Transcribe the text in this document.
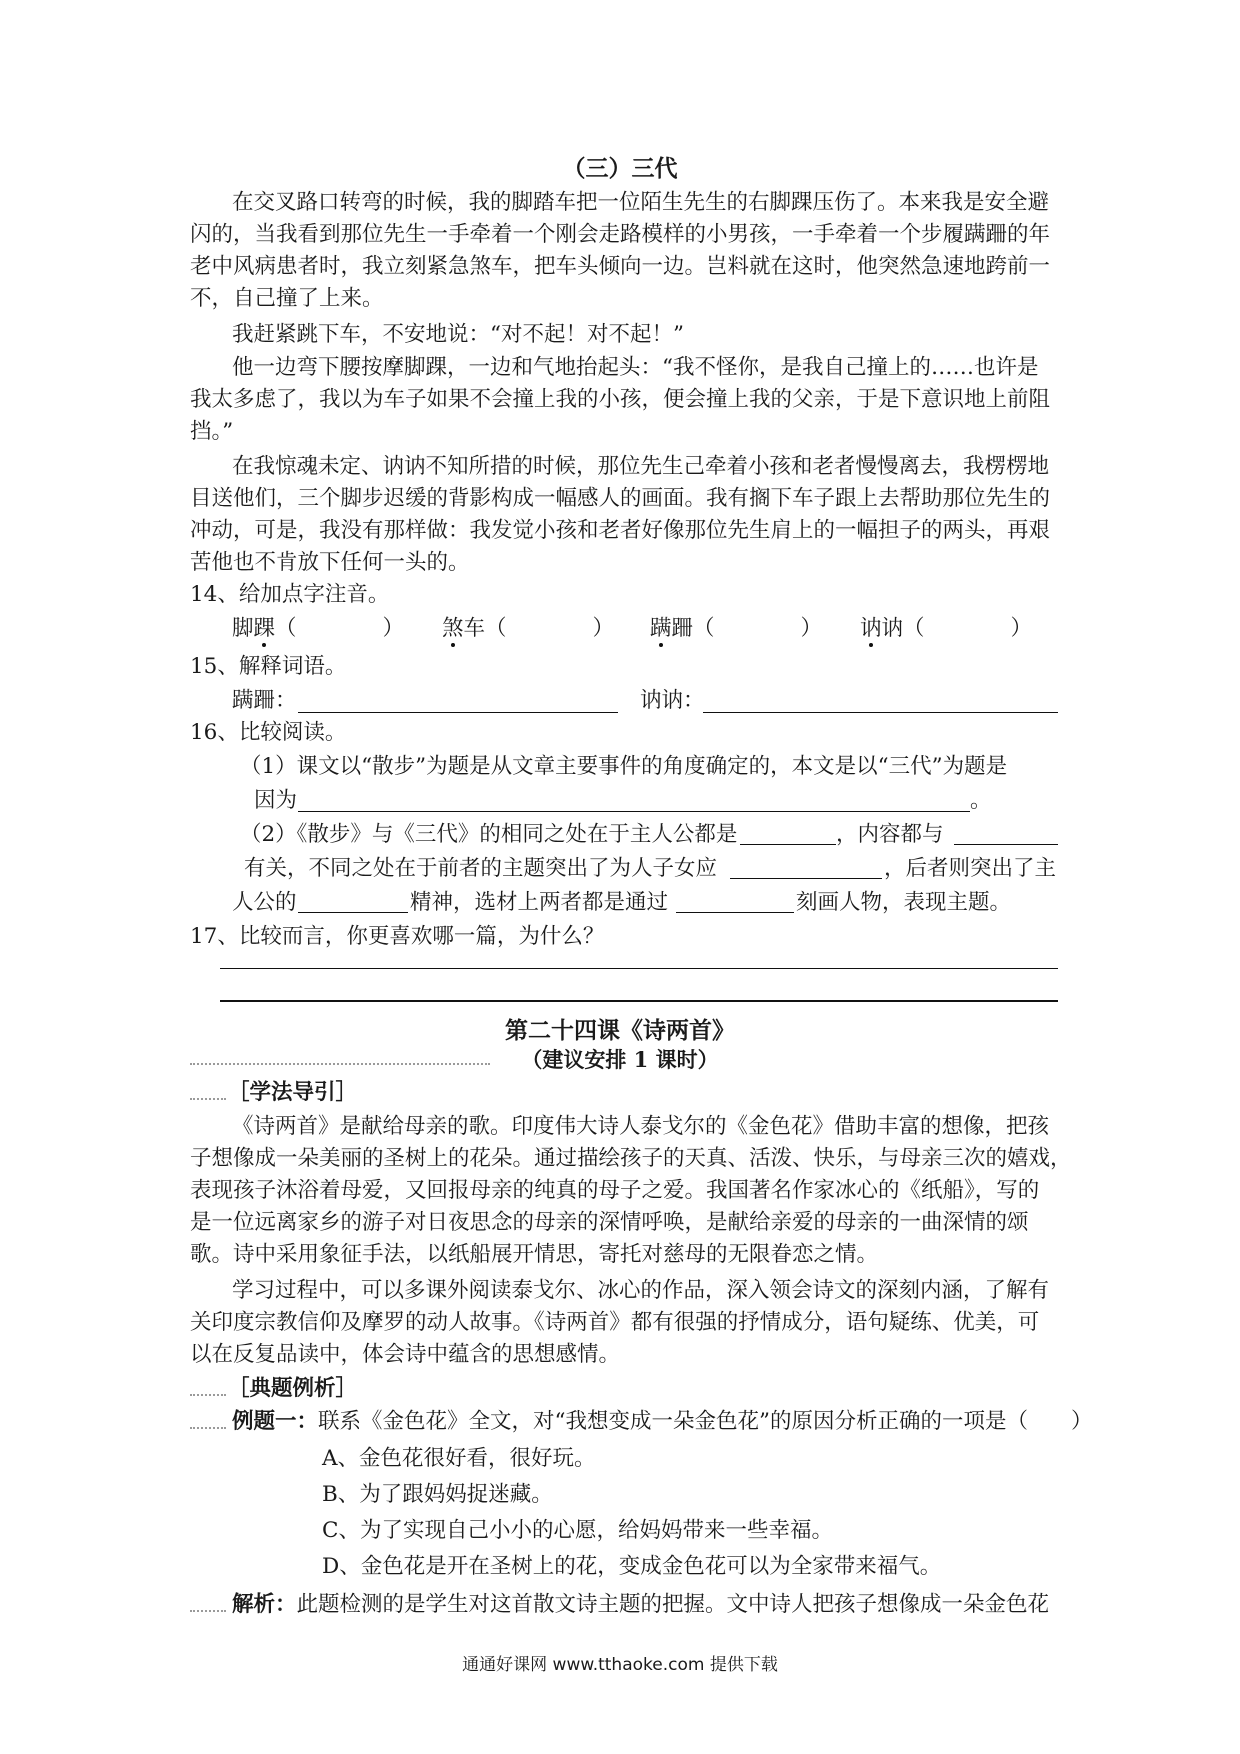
（三）三代
在交叉路口转弯的时候，我的脚踏车把一位陌生先生的右脚踝压伤了。本来我是安全避
闪的，当我看到那位先生一手牵着一个刚会走路模样的小男孩，一手牵着一个步履蹒跚的年
老中风病患者时，我立刻紧急煞车，把车头倾向一边。岂料就在这时，他突然急速地跨前一
不，自己撞了上来。
我赶紧跳下车，不安地说：“对不起！对不起！”
他一边弯下腰按摩脚踝，一边和气地抬起头：“我不怪你，是我自己撞上的……也许是
我太多虑了，我以为车子如果不会撞上我的小孩，便会撞上我的父亲，于是下意识地上前阻
挡。”
在我惊魂未定、讷讷不知所措的时候，那位先生己牵着小孩和老者慢慢离去，我楞楞地
目送他们，三个脚步迟缓的背影构成一幅感人的画面。我有搁下车子跟上去帮助那位先生的
冲动，可是，我没有那样做：我发觉小孩和老者好像那位先生肩上的一幅担子的两头，再艰
苦他也不肯放下任何一头的。
14、给加点字注音。
脚踝（　　　　） 煞车（　　　　） 蹒跚（　　　　） 讷讷（　　　　）
15、解释词语。
蹒跚：	讷讷：
16、比较阅读。
（1）课文以“散步”为题是从文章主要事件的角度确定的，本文是以“三代”为题是
因为	。
（2）《散步》与《三代》的相同之处在于主人公都是	，内容都与
有关，不同之处在于前者的主题突出了为人子女应	，后者则突出了主
人公的	精神，选材上两者都是通过	刻画人物，表现主题。
17、比较而言，你更喜欢哪一篇，为什么？
第二十四课《诗两首》
（建议安排 1 课时）
［学法导引］
《诗两首》是献给母亲的歌。印度伟大诗人泰戈尔的《金色花》借助丰富的想像，把孩
子想像成一朵美丽的圣树上的花朵。通过描绘孩子的天真、活泼、快乐，与母亲三次的嬉戏，
表现孩子沐浴着母爱，又回报母亲的纯真的母子之爱。我国著名作家冰心的《纸船》，写的
是一位远离家乡的游子对日夜思念的母亲的深情呼唤，是献给亲爱的母亲的一曲深情的颂
歌。诗中采用象征手法，以纸船展开情思，寄托对慈母的无限眷恋之情。
学习过程中，可以多课外阅读泰戈尔、冰心的作品，深入领会诗文的深刻内涵，了解有
关印度宗教信仰及摩罗的动人故事。《诗两首》都有很强的抒情成分，语句疑练、优美，可
以在反复品读中，体会诗中蕴含的思想感情。
［典题例析］
例题一：联系《金色花》全文，对“我想变成一朵金色花”的原因分析正确的一项是（　　）
A、金色花很好看，很好玩。
B、为了跟妈妈捉迷藏。
C、为了实现自己小小的心愿，给妈妈带来一些幸福。
D、金色花是开在圣树上的花，变成金色花可以为全家带来福气。
解析：此题检测的是学生对这首散文诗主题的把握。文中诗人把孩子想像成一朵金色花
通通好课网 www.tthaoke.com 提供下载
